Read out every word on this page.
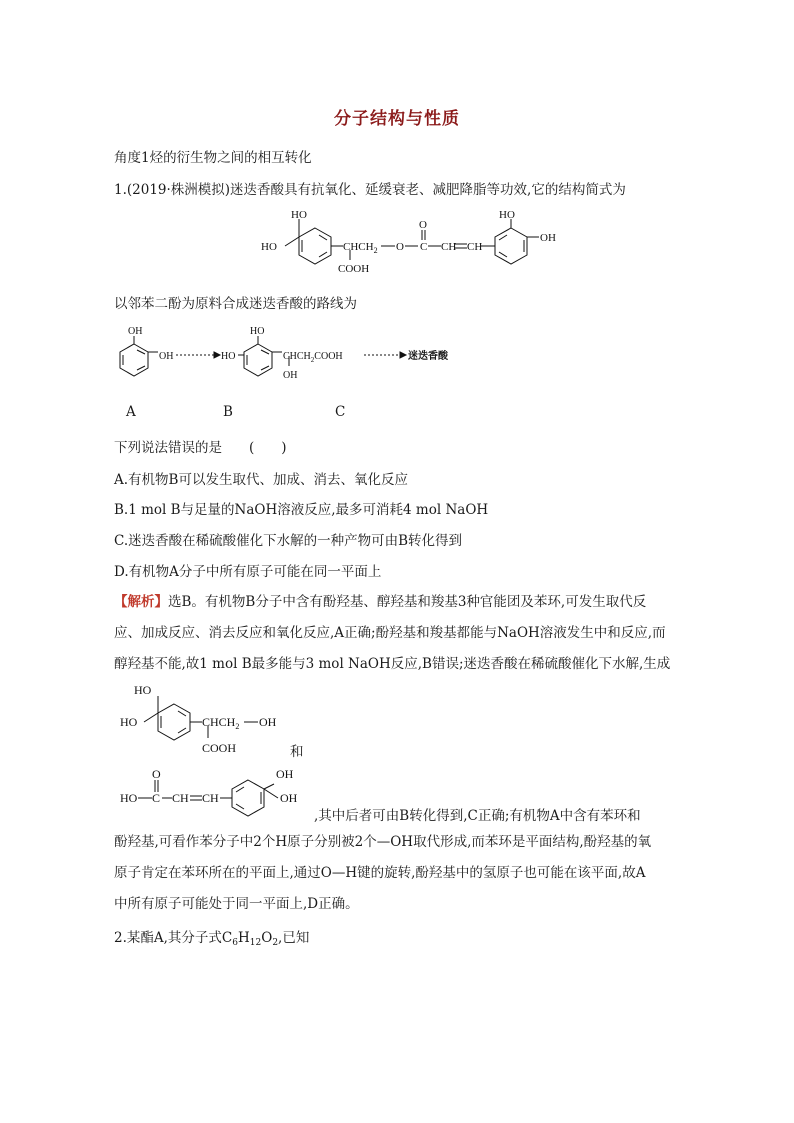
分子结构与性质
角度1烃的衍生物之间的相互转化
1.(2019·株洲模拟)迷迭香酸具有抗氧化、延缓衰老、减肥降脂等功效,它的结构简式为
HO
HO	$CHCH_2$
COOH
O
O
C CH CH
HO
OH
以邻苯二酚为原料合成迷迭香酸的路线为
OH
OH	HO
HO
$CHCH_2COOH$
OH
迷迭香酸
A	B	C
下列说法错误的是　　(　　)
A.有机物B可以发生取代、加成、消去、氧化反应
B.1 mol B与足量的NaOH溶液反应,最多可消耗4 mol NaOH
C.迷迭香酸在稀硫酸催化下水解的一种产物可由B转化得到
D.有机物A分子中所有原子可能在同一平面上

【解析】选B。有机物B分子中含有酚羟基、醇羟基和羧基3种官能团及苯环,可发生取代反

应、加成反应、消去反应和氧化反应,A正确;酚羟基和羧基都能与NaOH溶液发生中和反应,而

醇羟基不能,故1 mol B最多能与3 mol NaOH反应,B错误;迷迭香酸在稀硫酸催化下水解,生成

HO
HO	$CHCH_2$ OH
COOH	和
O
HO C CH CH
OH
OH
,其中后者可由B转化得到,C正确;有机物A中含有苯环和

酚羟基,可看作苯分子中2个H原子分别被2个—OH取代形成,而苯环是平面结构,酚羟基的氧

原子肯定在苯环所在的平面上,通过O—H键的旋转,酚羟基中的氢原子也可能在该平面,故A

中所有原子可能处于同一平面上,D正确。

2.某酯A,其分子式$C_6H_{12}O_2$,已知
